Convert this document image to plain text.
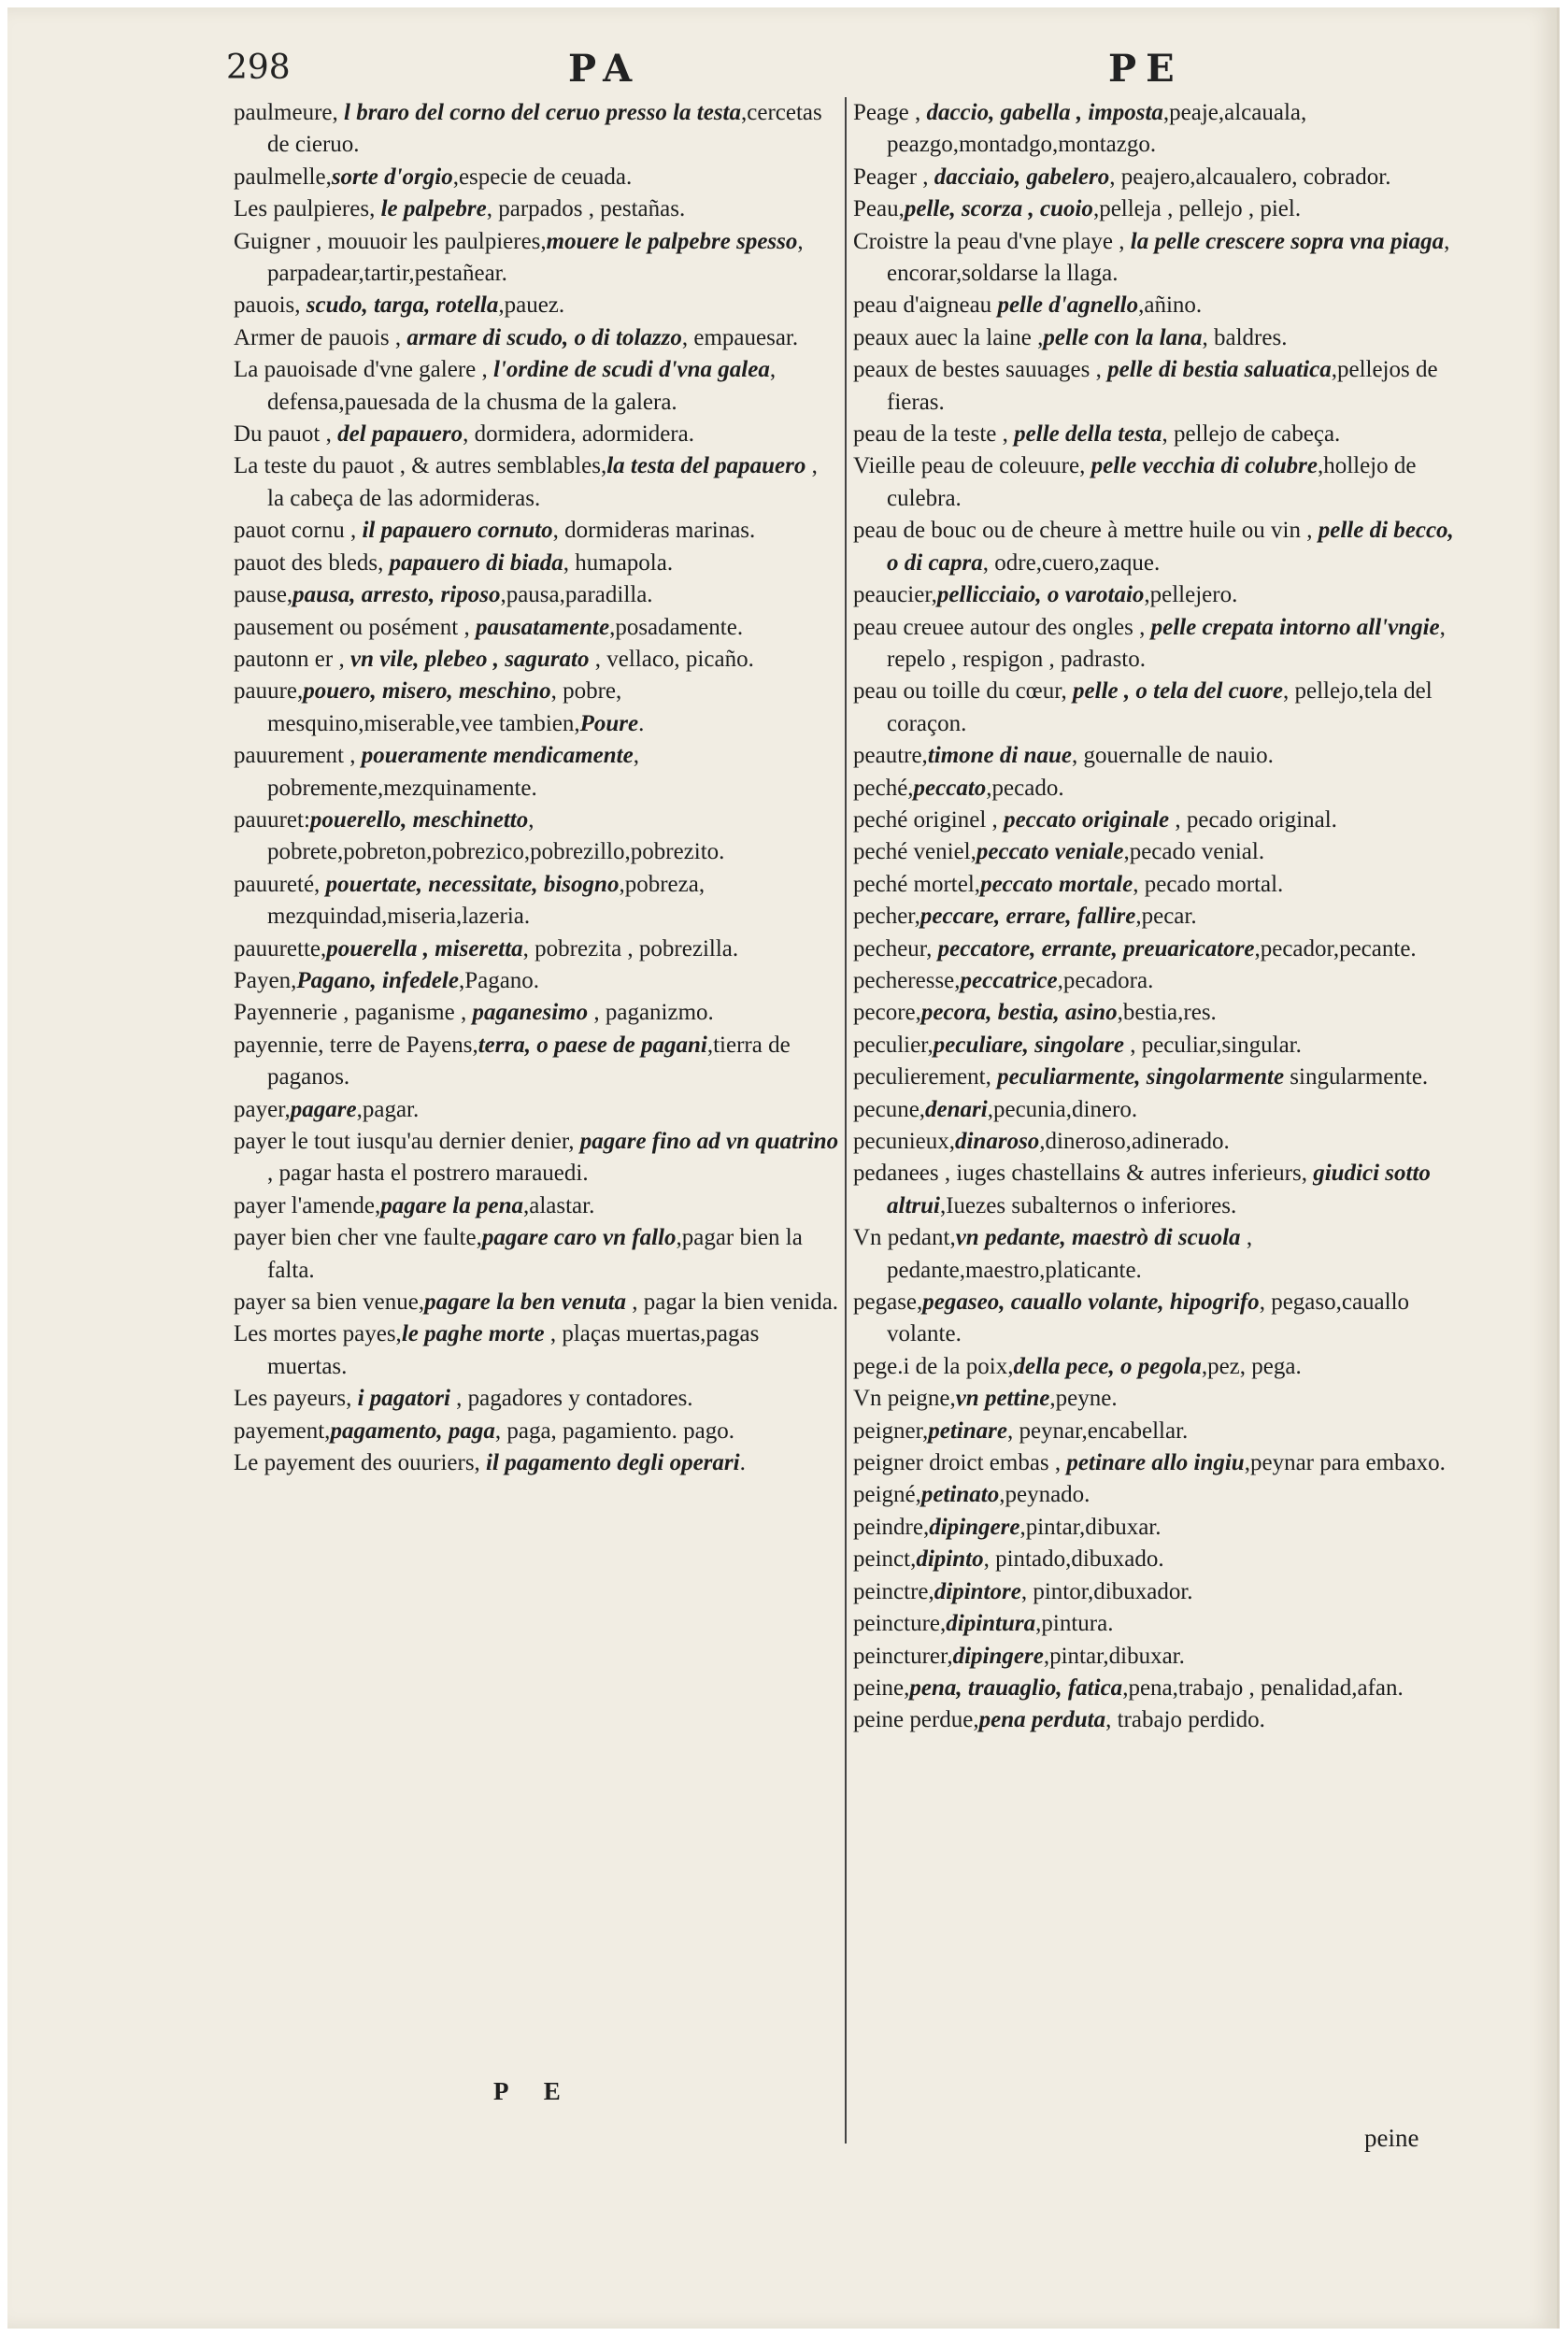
298	PA	PE

paulmeure, l braro del corno del ceruo presso la testa,cercetas de cieruo.

paulmelle,sorte d'orgio,especie de ceuada.

Les paulpieres, le palpebre, parpados , pestañas.

Guigner , mouuoir les paulpieres,mouere le palpebre spesso, parpadear,tartir,pestañear.

pauois, scudo, targa, rotella,pauez.

Armer de pauois , armare di scudo, o di tolazzo, empauesar.

La pauoisade d'vne galere , l'ordine de scudi d'vna galea, defensa,pauesada de la chusma de la galera.

Du pauot , del papauero, dormidera, adormidera.

La teste du pauot , & autres semblables,la testa del papauero , la cabeça de las adormideras.

pauot cornu , il papauero cornuto, dormideras marinas.

pauot des bleds, papauero di biada, humapola.

pause,pausa, arresto, riposo,pausa,paradilla.

pausement ou posément , pausatamente,posadamente.

pautonn er , vn vile, plebeo , sagurato , vellaco, picaño.

pauure,pouero, misero, meschino, pobre, mesquino,miserable,vee tambien,Poure.

pauurement , poueramente mendicamente, pobremente,mezquinamente.

pauuret:pouerello, meschinetto, pobrete,pobreton,pobrezico,pobrezillo,pobrezito.

pauureté, pouertate, necessitate, bisogno,pobreza, mezquindad,miseria,lazeria.

pauurette,pouerella , miseretta, pobrezita , pobrezilla.

Payen,Pagano, infedele,Pagano.

Payennerie , paganisme , paganesimo , paganizmo.

payennie, terre de Payens,terra, o paese de pagani,tierra de paganos.

payer,pagare,pagar.

payer le tout iusqu'au dernier denier, pagare fino ad vn quatrino , pagar hasta el postrero marauedi.

payer l'amende,pagare la pena,alastar.

payer bien cher vne faulte,pagare caro vn fallo,pagar bien la falta.

payer sa bien venue,pagare la ben venuta , pagar la bien venida.

Les mortes payes,le paghe morte , plaças muertas,pagas muertas.

Les payeurs, i pagatori , pagadores y contadores.

payement,pagamento, paga, paga, pagamiento. pago.

Le payement des ouuriers, il pagamento degli operari.

Peage , daccio, gabella , imposta,peaje,alcauala, peazgo,montadgo,montazgo.

Peager , dacciaio, gabelero, peajero,alcaualero, cobrador.

Peau,pelle, scorza , cuoio,pelleja , pellejo , piel.

Croistre la peau d'vne playe , la pelle crescere sopra vna piaga, encorar,soldarse la llaga.

peau d'aigneau pelle d'agnello,añino.

peaux auec la laine ,pelle con la lana, baldres.

peaux de bestes sauuages , pelle di bestia saluatica,pellejos de fieras.

peau de la teste , pelle della testa, pellejo de cabeça.

Vieille peau de coleuure, pelle vecchia di colubre,hollejo de culebra.

peau de bouc ou de cheure à mettre huile ou vin , pelle di becco, o di capra, odre,cuero,zaque.

peaucier,pellicciaio, o varotaio,pellejero.

peau creuee autour des ongles , pelle crepata intorno all'vngie, repelo , respigon , padrasto.

peau ou toille du cœur, pelle , o tela del cuore, pellejo,tela del coraçon.

peautre,timone di naue, gouernalle de nauio.

peché,peccato,pecado.

peché originel , peccato originale , pecado original.

peché veniel,peccato veniale,pecado venial.

peché mortel,peccato mortale, pecado mortal.

pecher,peccare, errare, fallire,pecar.

pecheur, peccatore, errante, preuaricatore,pecador,pecante.

pecheresse,peccatrice,pecadora.

pecore,pecora, bestia, asino,bestia,res.

peculier,peculiare, singolare , peculiar,singular.

peculierement, peculiarmente, singolarmente singularmente.

pecune,denari,pecunia,dinero.

pecunieux,dinaroso,dineroso,adinerado.

pedanees , iuges chastellains & autres inferieurs, giudici sotto altrui,Iuezes subalternos o inferiores.

Vn pedant,vn pedante, maestrò di scuola , pedante,maestro,platicante.

pegase,pegaseo, cauallo volante, hipogrifo, pegaso,cauallo volante.

pege.i de la poix,della pece, o pegola,pez, pega.

Vn peigne,vn pettine,peyne.

peigner,petinare, peynar,encabellar.

peigner droict embas , petinare allo ingiu,peynar para embaxo.

peigné,petinato,peynado.

peindre,dipingere,pintar,dibuxar.

peinct,dipinto, pintado,dibuxado.

peinctre,dipintore, pintor,dibuxador.

peincture,dipintura,pintura.

peincturer,dipingere,pintar,dibuxar.

peine,pena, trauaglio, fatica,pena,trabajo , penalidad,afan.

peine perdue,pena perduta, trabajo perdido.

P E
peine
